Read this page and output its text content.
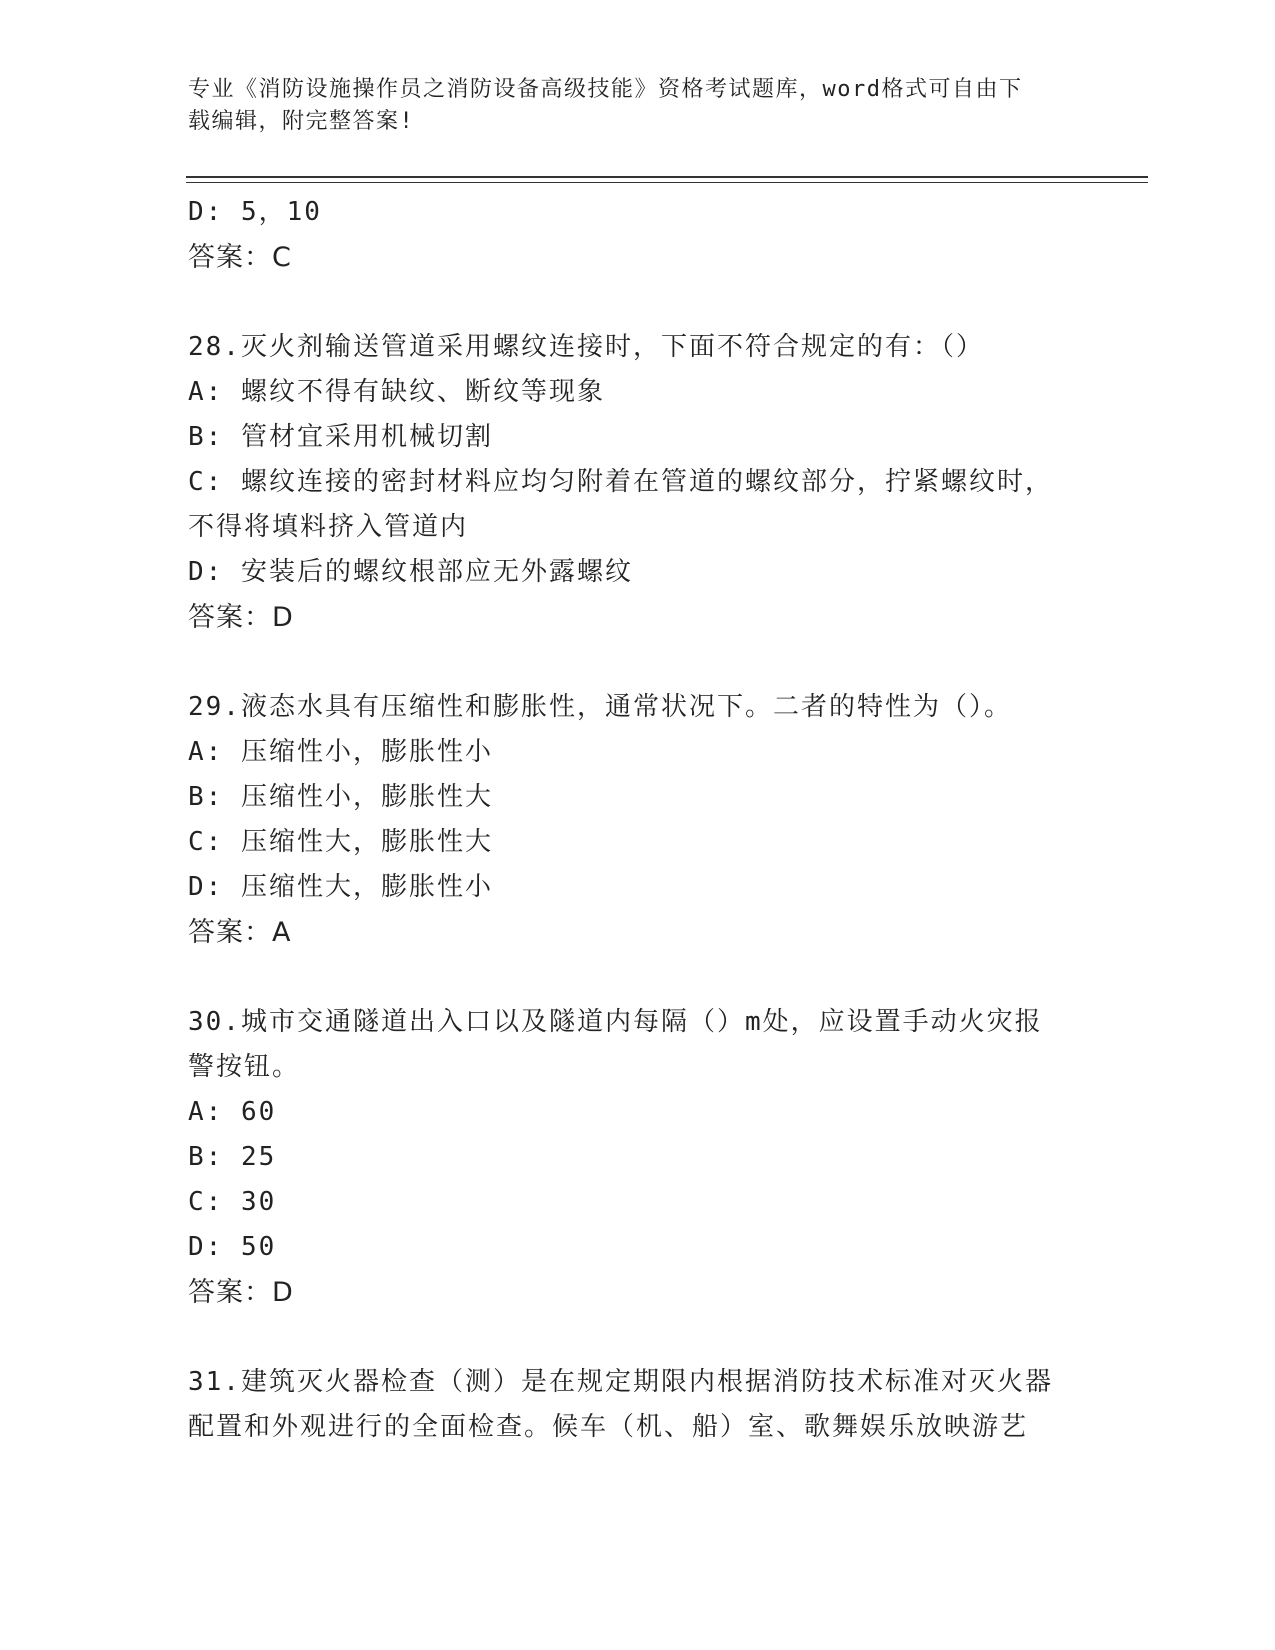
专业《消防设施操作员之消防设备高级技能》资格考试题库，word格式可自由下
载编辑，附完整答案!
D: 5，10
答案：C
28.灭火剂输送管道采用螺纹连接时，下面不符合规定的有：（）
A: 螺纹不得有缺纹、断纹等现象
B: 管材宜采用机械切割
C: 螺纹连接的密封材料应均匀附着在管道的螺纹部分，拧紧螺纹时，
不得将填料挤入管道内
D: 安装后的螺纹根部应无外露螺纹
答案：D
29.液态水具有压缩性和膨胀性，通常状况下。二者的特性为（）。
A: 压缩性小，膨胀性小
B: 压缩性小，膨胀性大
C: 压缩性大，膨胀性大
D: 压缩性大，膨胀性小
答案：A
30.城市交通隧道出入口以及隧道内每隔（）m处，应设置手动火灾报
警按钮。
A: 60
B: 25
C: 30
D: 50
答案：D
31.建筑灭火器检查（测）是在规定期限内根据消防技术标准对灭火器
配置和外观进行的全面检查。候车（机、船）室、歌舞娱乐放映游艺
